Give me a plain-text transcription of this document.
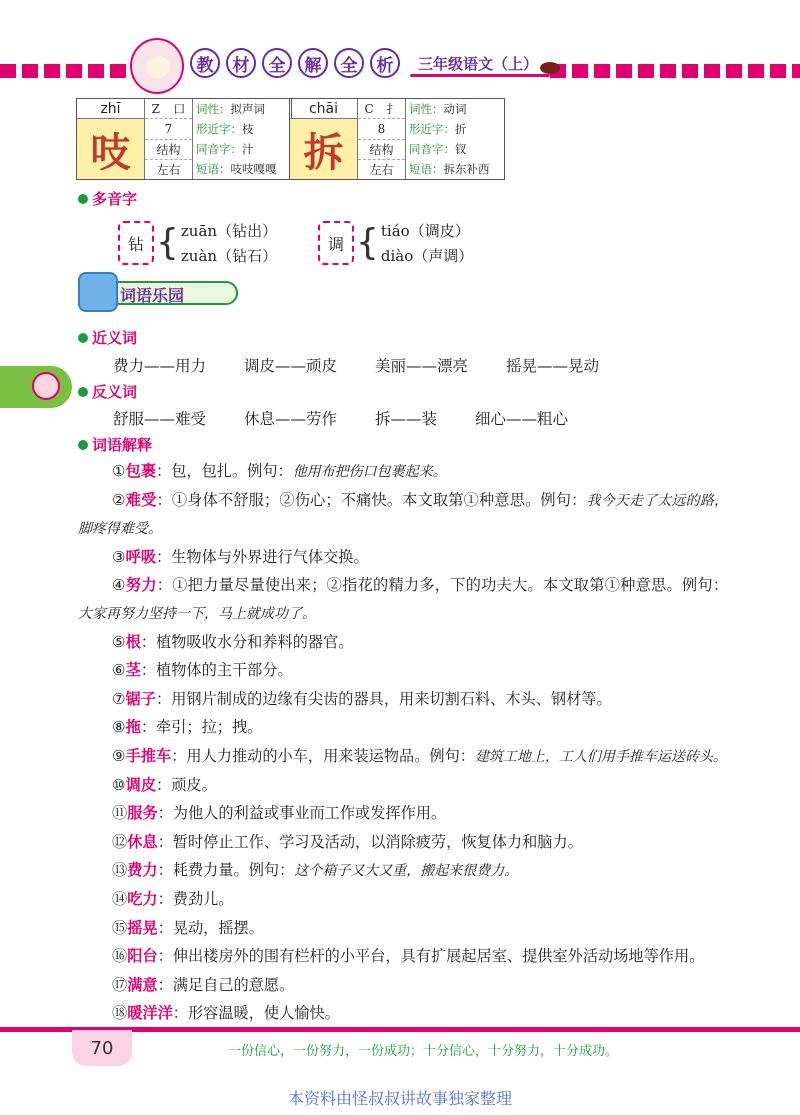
教	材	全	解	全	析	三年级语文（上）
zhī
吱
Z 口
7
结构
左右
词性： 拟声词
形近字： 枝
同音字： 汁
短语： 吱吱嘎嘎
chāi
拆
C 扌
8
结构
左右
词性： 动词
形近字： 折
同音字： 钗
短语： 拆东补西
多音字
钻 { zuān（钻出）
zuàn（钻石）
调 { tiáo（调皮）
diào（声调）
词语乐园
近义词
费力——用力 调皮——顽皮 美丽——漂亮 摇晃——晃动
反义词
舒服——难受 休息——劳作 拆——装 细心——粗心
词语解释
①包裹：包，包扎。例句：他用布把伤口包裹起来。
②难受：①身体不舒服；②伤心；不痛快。本文取第①种意思。例句：我今天走了太远的路，脚疼得难受。
③呼吸：生物体与外界进行气体交换。
④努力：①把力量尽量使出来；②指花的精力多，下的功夫大。本文取第①种意思。例句：大家再努力坚持一下，马上就成功了。
⑤根：植物吸收水分和养料的器官。
⑥茎：植物体的主干部分。
⑦锯子：用钢片制成的边缘有尖齿的器具，用来切割石料、木头、钢材等。
⑧拖：牵引；拉；拽。
⑨手推车：用人力推动的小车，用来装运物品。例句：建筑工地上，工人们用手推车运送砖头。
⑩调皮：顽皮。
⑪服务：为他人的利益或事业而工作或发挥作用。
⑫休息：暂时停止工作、学习及活动，以消除疲劳，恢复体力和脑力。
⑬费力：耗费力量。例句：这个箱子又大又重，搬起来很费力。
⑭吃力：费劲儿。
⑮摇晃：晃动，摇摆。
⑯阳台：伸出楼房外的围有栏杆的小平台，具有扩展起居室、提供室外活动场地等作用。
⑰满意：满足自己的意愿。
⑱暖洋洋：形容温暖，使人愉快。
70	一份信心，一份努力，一份成功；十分信心，十分努力，十分成功。
本资料由怪叔叔讲故事独家整理
